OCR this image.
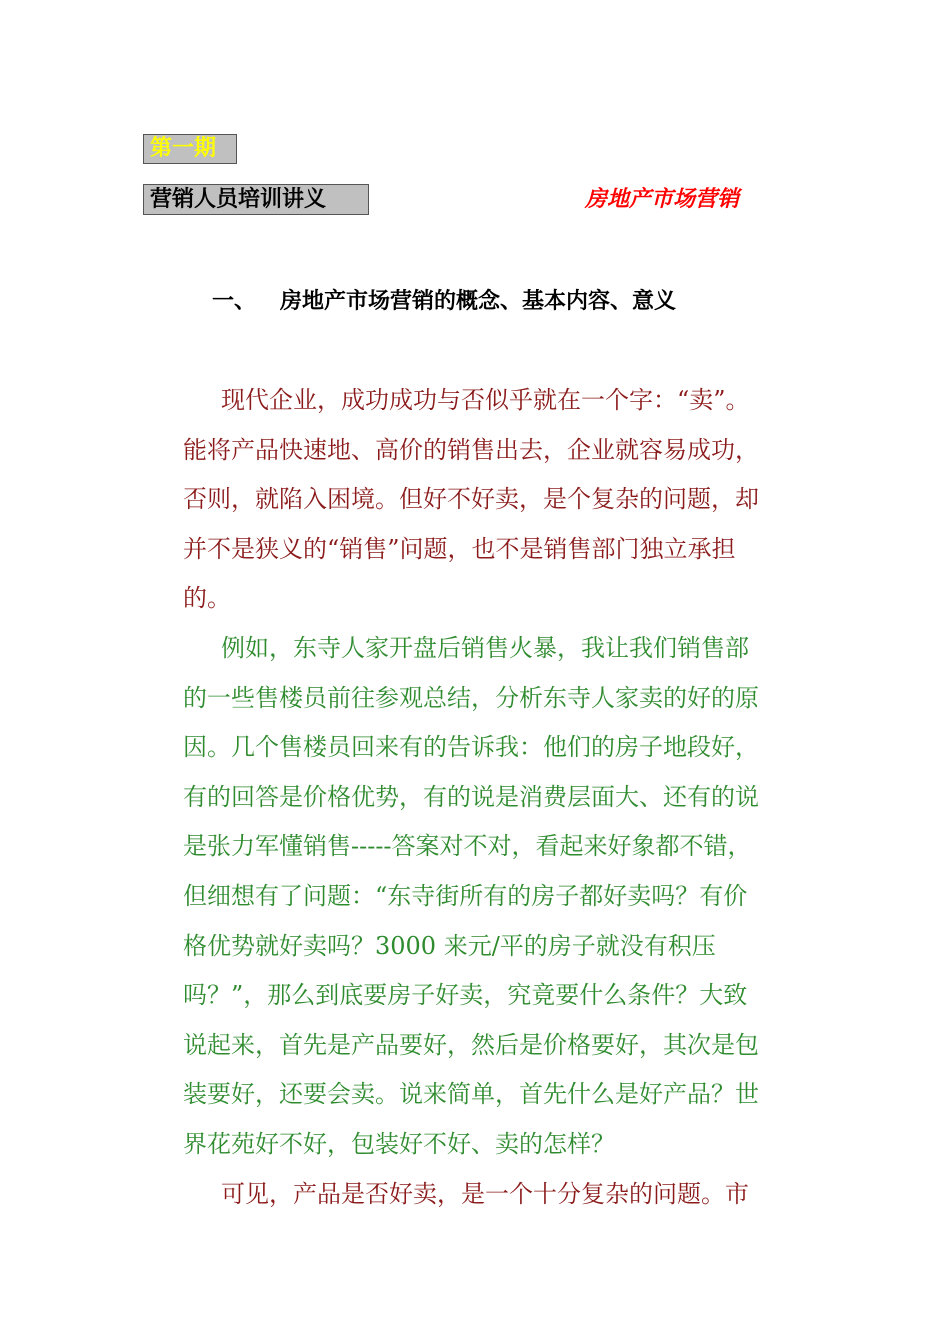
第一期
营销人员培训讲义	房地产市场营销
一、 房地产市场营销的概念、基本内容、意义
现代企业，成功成功与否似乎就在一个字：“卖”。
能将产品快速地、高价的销售出去，企业就容易成功，
否则，就陷入困境。但好不好卖，是个复杂的问题，却
并不是狭义的“销售”问题，也不是销售部门独立承担
的。
例如，东寺人家开盘后销售火暴，我让我们销售部
的一些售楼员前往参观总结，分析东寺人家卖的好的原
因。几个售楼员回来有的告诉我：他们的房子地段好，
有的回答是价格优势，有的说是消费层面大、还有的说
是张力军懂销售-----答案对不对，看起来好象都不错，
但细想有了问题：“东寺街所有的房子都好卖吗？有价
格优势就好卖吗？3000 来元/平的房子就没有积压
吗？”，那么到底要房子好卖，究竟要什么条件？大致
说起来，首先是产品要好，然后是价格要好，其次是包
装要好，还要会卖。说来简单，首先什么是好产品？世
界花苑好不好，包装好不好、卖的怎样？
可见，产品是否好卖，是一个十分复杂的问题。市
